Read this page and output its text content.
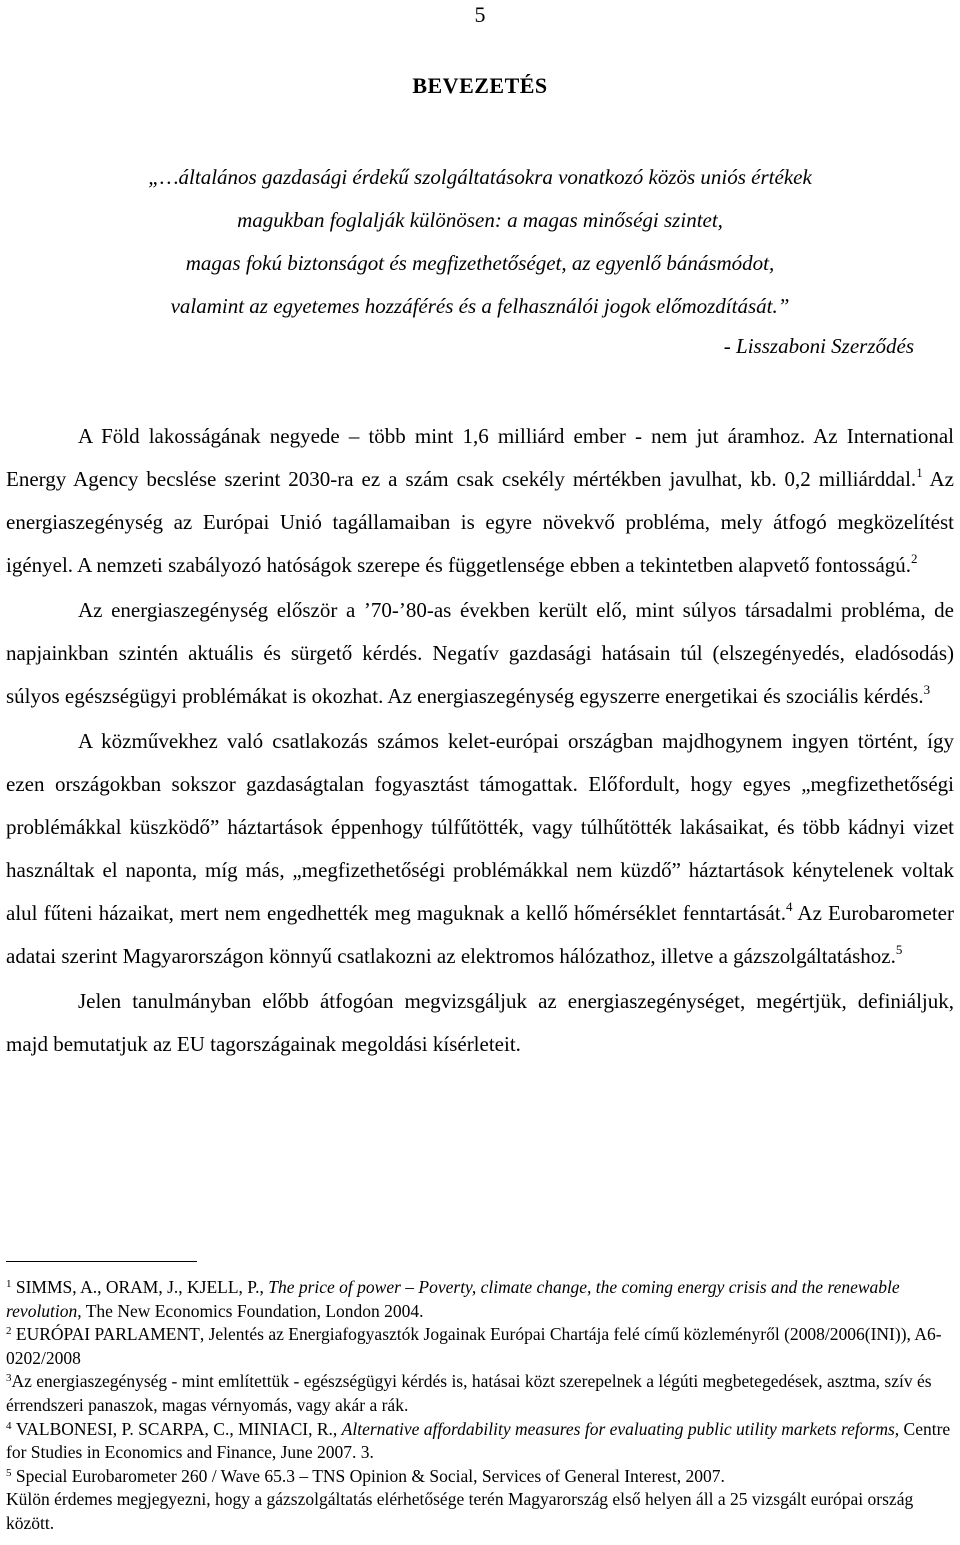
5
BEVEZETÉS
„…általános gazdasági érdekű szolgáltatásokra vonatkozó közös uniós értékek
magukban foglalják különösen: a magas minőségi szintet,
magas fokú biztonságot és megfizethetőséget, az egyenlő bánásmódot,
valamint az egyetemes hozzáférés és a felhasználói jogok előmozdítását.”
- Lisszaboni Szerződés

A Föld lakosságának negyede – több mint 1,6 milliárd ember - nem jut áramhoz. Az International Energy Agency becslése szerint 2030-ra ez a szám csak csekély mértékben javulhat, kb. 0,2 milliárddal.$^1$ Az energiaszegénység az Európai Unió tagállamaiban is egyre növekvő probléma, mely átfogó megközelítést igényel. A nemzeti szabályozó hatóságok szerepe és függetlensége ebben a tekintetben alapvető fontosságú.$^2$

Az energiaszegénység először a ’70-’80-as években került elő, mint súlyos társadalmi probléma, de napjainkban szintén aktuális és sürgető kérdés. Negatív gazdasági hatásain túl (elszegényedés, eladósodás) súlyos egészségügyi problémákat is okozhat. Az energiaszegénység egyszerre energetikai és szociális kérdés.$^3$

A közművekhez való csatlakozás számos kelet-európai országban majdhogynem ingyen történt, így ezen országokban sokszor gazdaságtalan fogyasztást támogattak. Előfordult, hogy egyes „megfizethetőségi problémákkal küszködő” háztartások éppenhogy túlfűtötték, vagy túlhűtötték lakásaikat, és több kádnyi vizet használtak el naponta, míg más, „megfizethetőségi problémákkal nem küzdő” háztartások kénytelenek voltak alul fűteni házaikat, mert nem engedhették meg maguknak a kellő hőmérséklet fenntartását.$^4$ Az Eurobarometer adatai szerint Magyarországon könnyű csatlakozni az elektromos hálózathoz, illetve a gázszolgáltatáshoz.$^5$

Jelen tanulmányban előbb átfogóan megvizsgáljuk az energiaszegénységet, megértjük, definiáljuk, majd bemutatjuk az EU tagországainak megoldási kísérleteit.

$^1$ SIMMS, A., ORAM, J., KJELL, P., The price of power – Poverty, climate change, the coming energy crisis and the renewable revolution, The New Economics Foundation, London 2004.

$^2$ EURÓPAI PARLAMENT, Jelentés az Energiafogyasztók Jogainak Európai Chartája felé című közleményről (2008/2006(INI)), A6-0202/2008

$^3$Az energiaszegénység - mint említettük - egészségügyi kérdés is, hatásai közt szerepelnek a légúti megbetegedések, asztma, szív és érrendszeri panaszok, magas vérnyomás, vagy akár a rák.

$^4$ VALBONESI, P. SCARPA, C., MINIACI, R., Alternative affordability measures for evaluating public utility markets reforms, Centre for Studies in Economics and Finance, June 2007. 3.

$^5$ Special Eurobarometer 260 / Wave 65.3 – TNS Opinion & Social, Services of General Interest, 2007.

Külön érdemes megjegyezni, hogy a gázszolgáltatás elérhetősége terén Magyarország első helyen áll a 25 vizsgált európai ország között.
